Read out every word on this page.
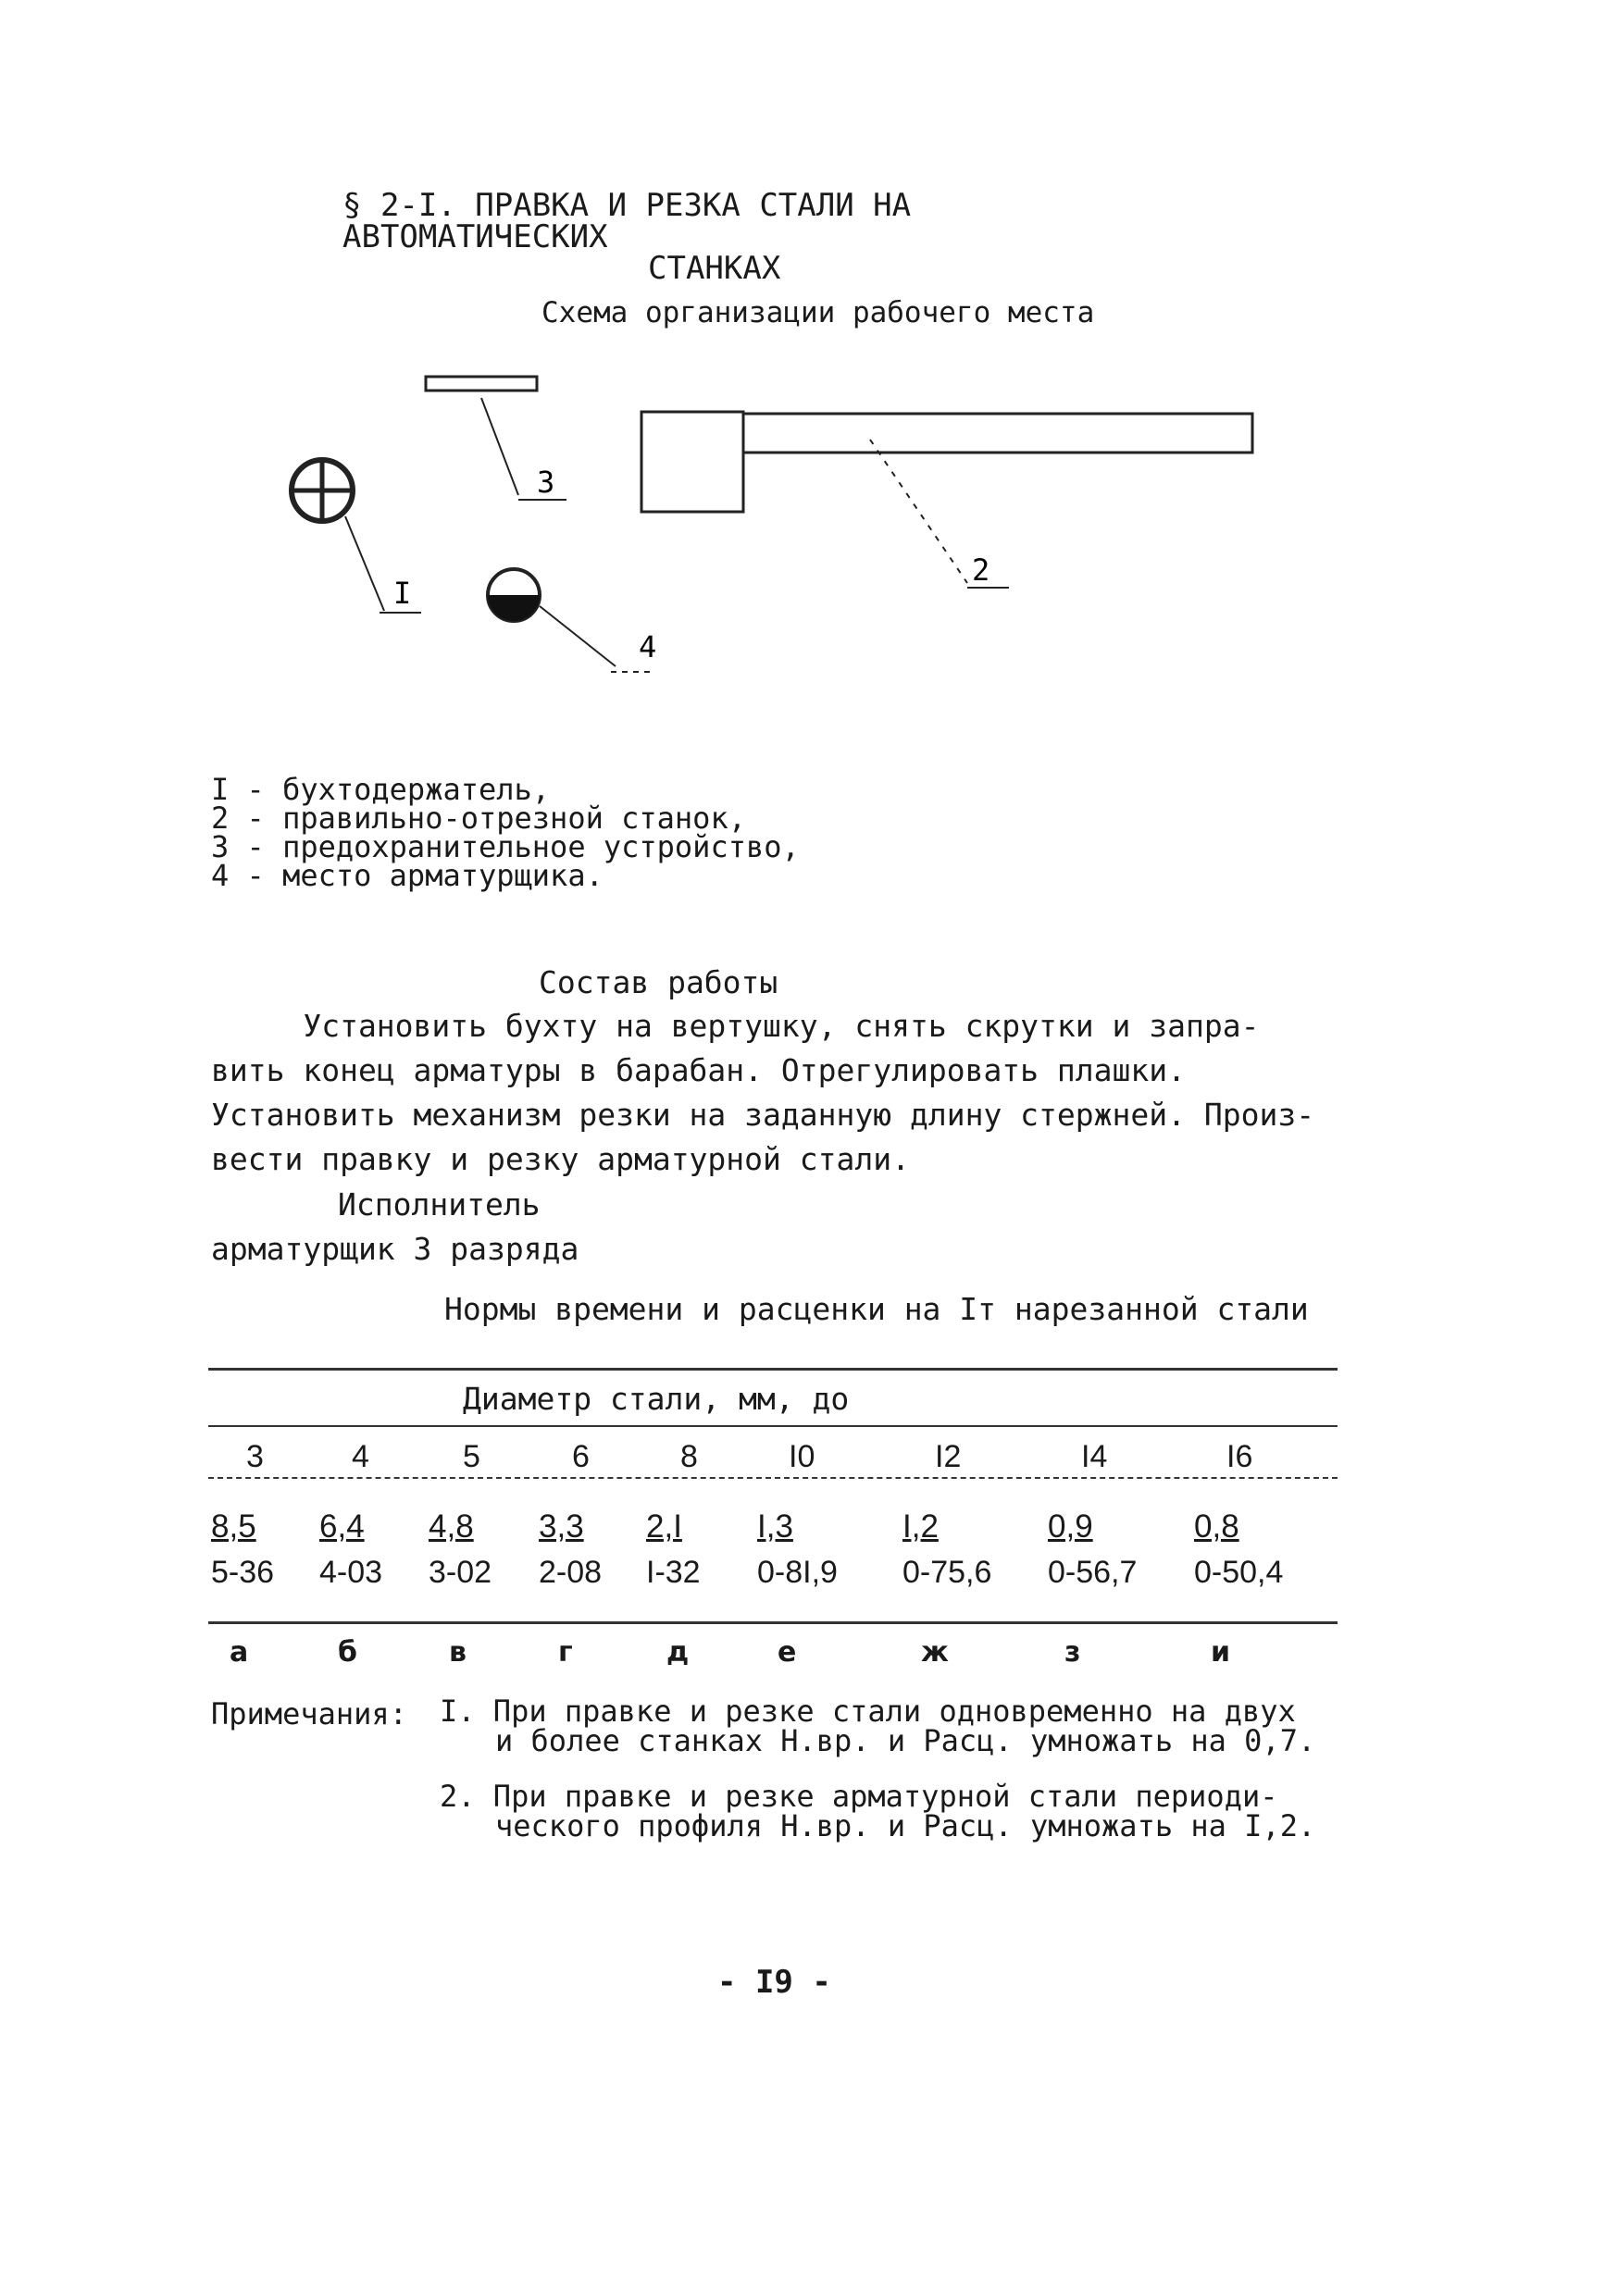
§ 2-I. ПРАВКА И РЕЗКА СТАЛИ НА АВТОМАТИЧЕСКИХ
СТАНКАХ
Схема организации рабочего места
3
2
I
4
I - бухтодержатель,
2 - правильно-отрезной станок,
3 - предохранительное устройство,
4 - место арматурщика.
Состав работы
Установить бухту на вертушку, снять скрутки и запра-
вить конец арматуры в барабан. Отрегулировать плашки.
Установить механизм резки на заданную длину стержней. Произ-
вести правку и резку арматурной стали.
Исполнитель
арматурщик 3 разряда
Нормы времени и расценки на Iт нарезанной стали
Диаметр стали, мм, до
3	4	5	6	8	I0	I2	I4	I6
8,5 6,4 4,8 3,3 2,I I,3	I,2	0,9	0,8
5-36 4-03 3-02 2-08 I-32 0-8I,9 0-75,6 0-56,7 0-50,4
а	б	в	г	д	е	ж	з	и
Примечания: I. При правке и резке стали одновременно на двух
и более станках Н.вр. и Расц. умножать на 0,7.
2. При правке и резке арматурной стали периоди-
ческого профиля Н.вр. и Расц. умножать на I,2.
- I9 -
